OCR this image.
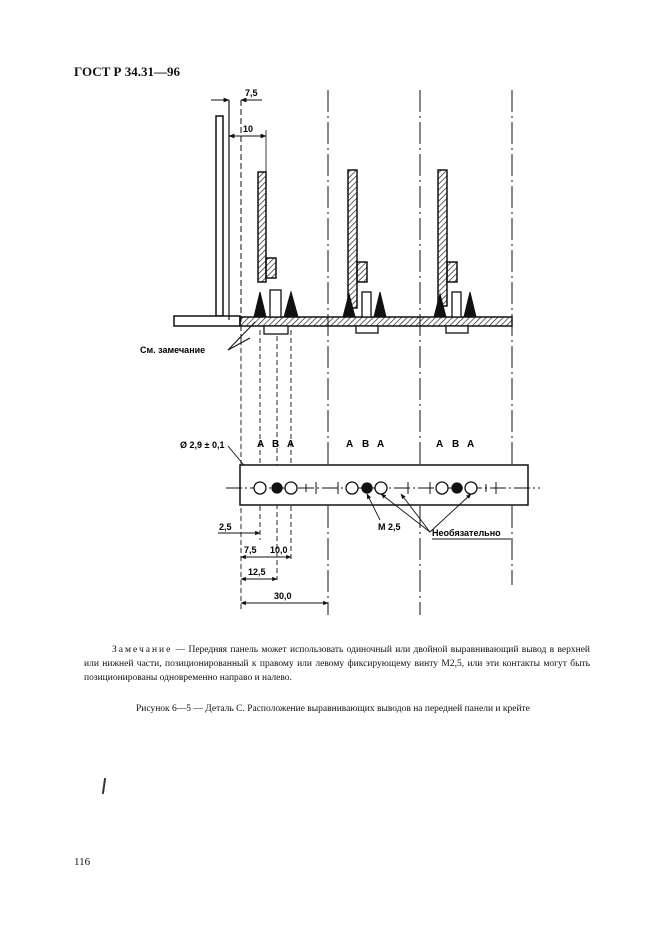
ГОСТ Р 34.31—96
См. замечание
7,5
10
А В А	А В А	А В А
Ø 2,9 ± 0,1
М 2,5
Необязательно
2,5
7,5 10,0
12,5
30,0
Замечание — Передняя панель может использовать одиночный или двойной выравнивающий вывод в верхней или нижней части, позиционированный к правому или левому фиксирующему винту М2,5, или эти контакты могут быть позиционированы одновременно направо и налево.
Рисунок 6—5 — Деталь С. Расположение выравнивающих выводов на передней панели и крейте
116
